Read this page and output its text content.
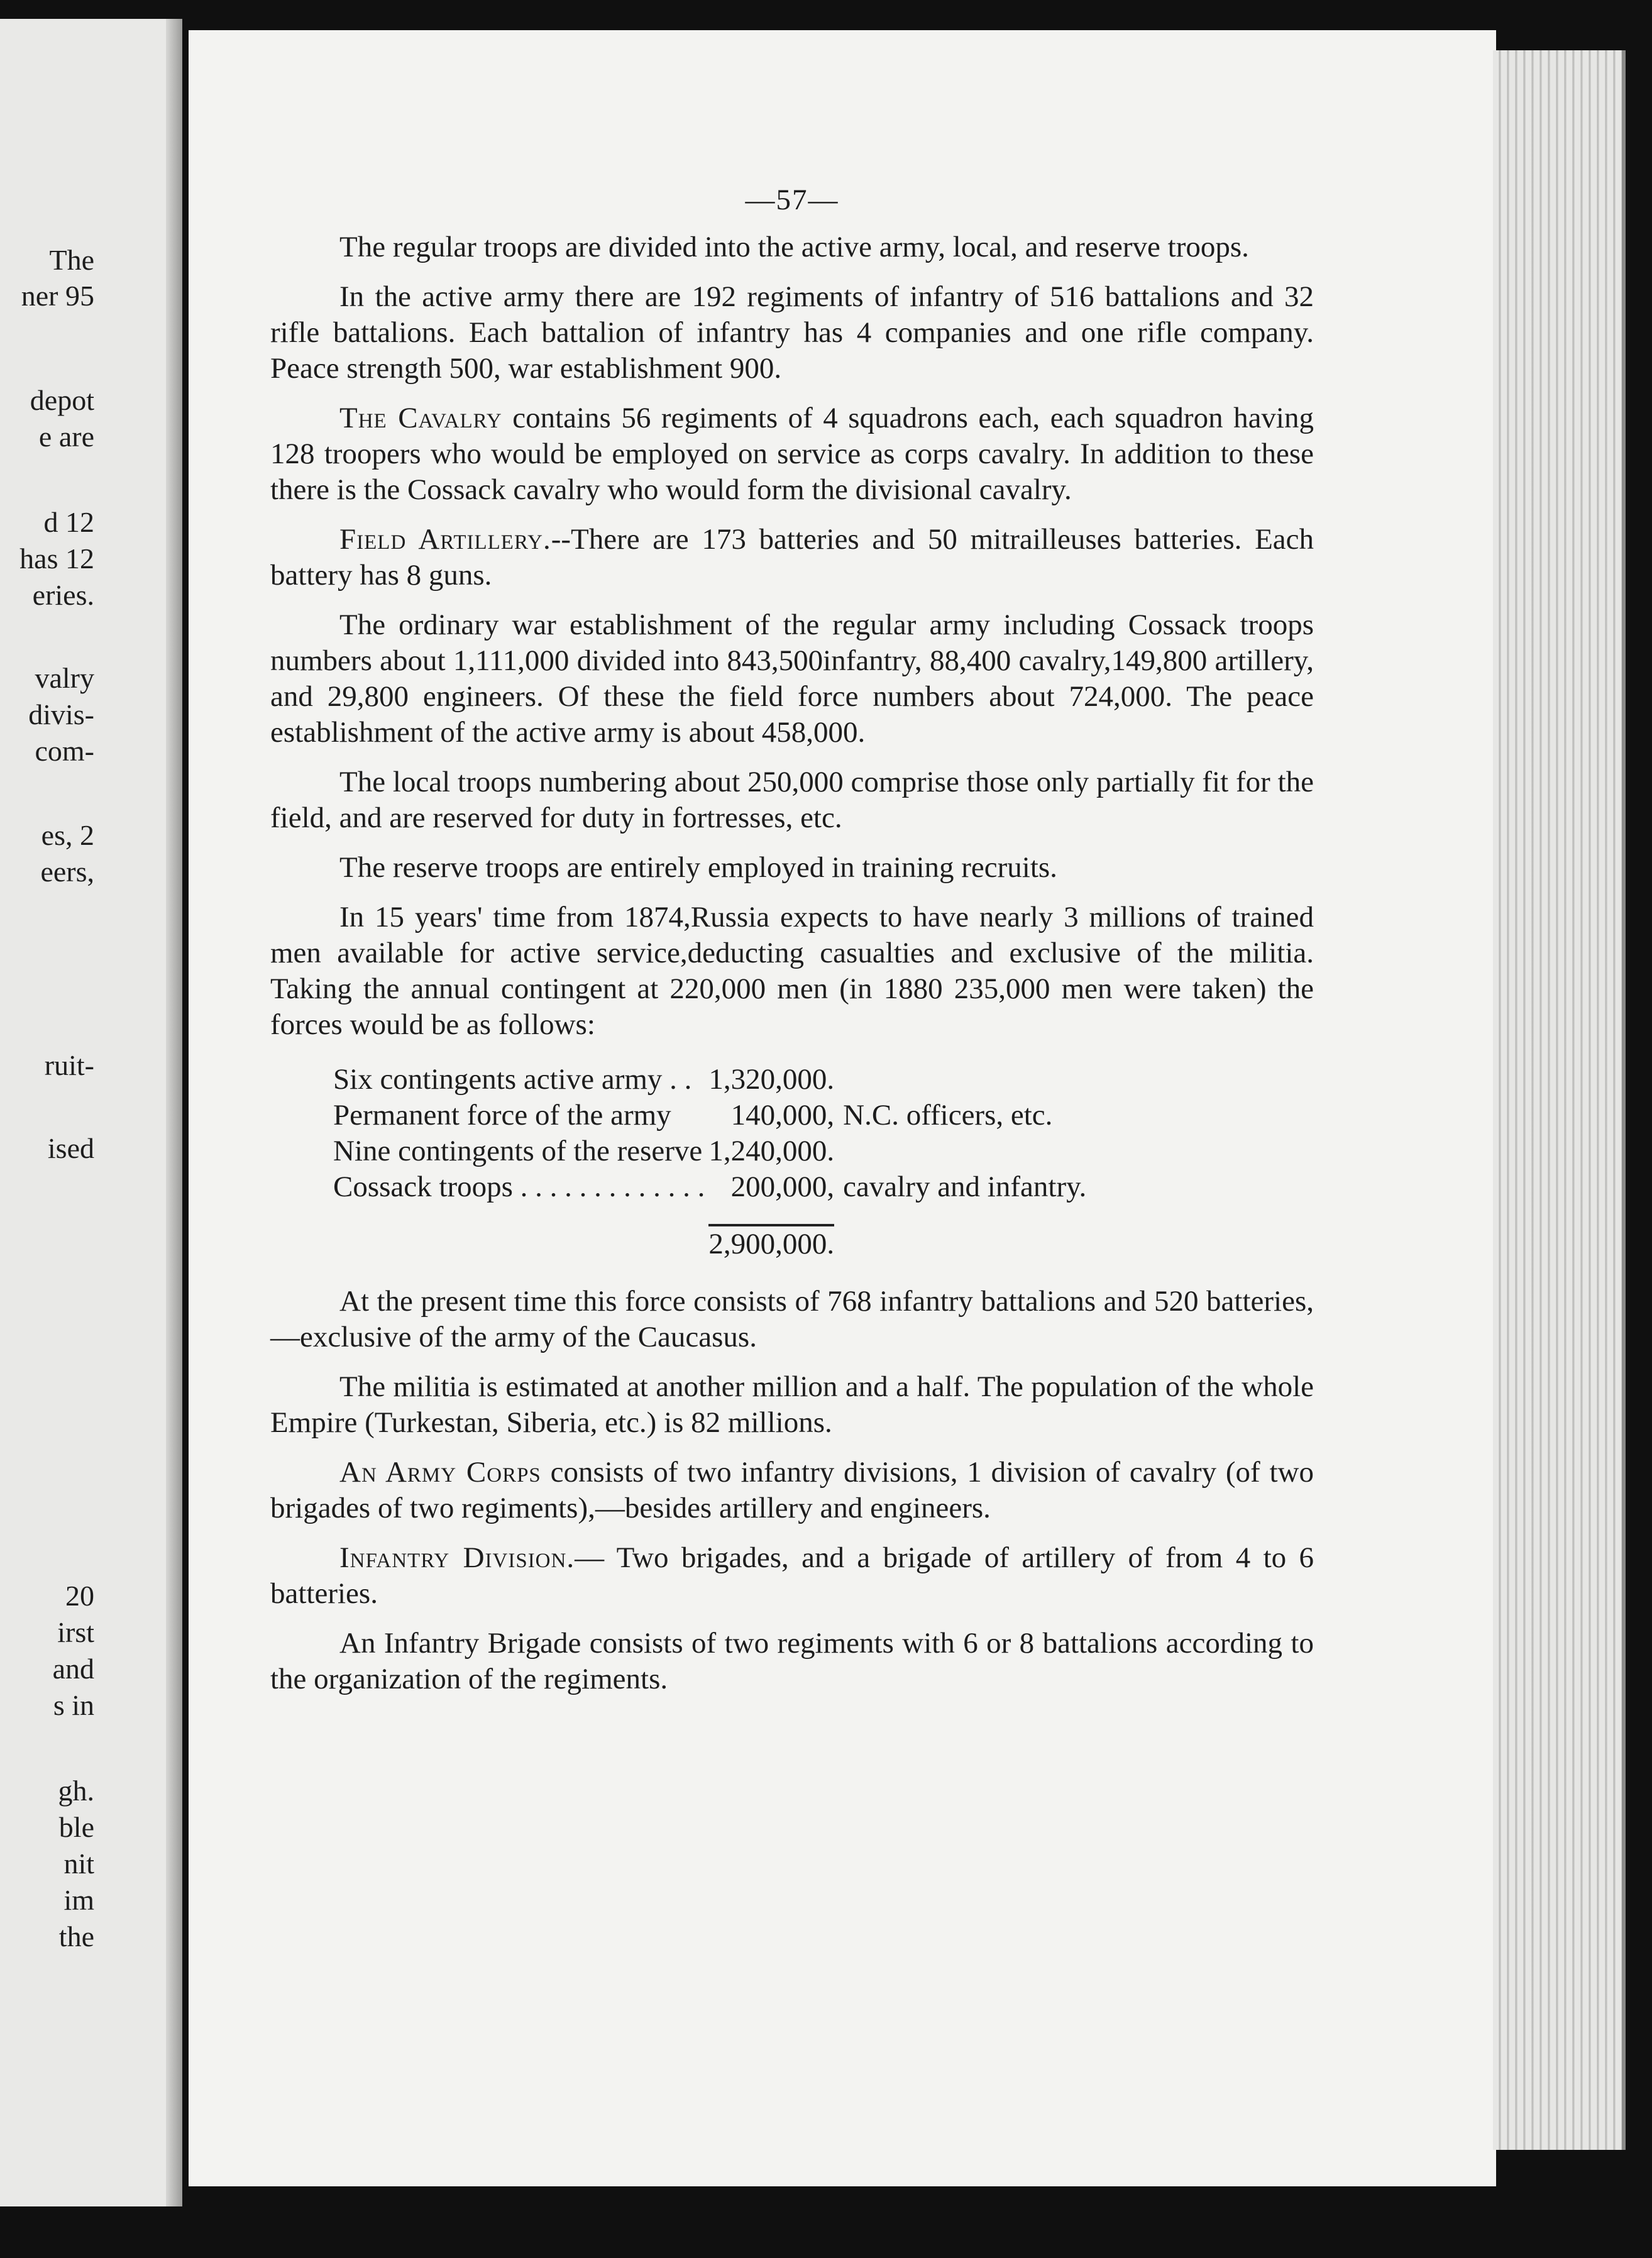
The
ner 95
depot
e are
d 12
has 12
eries.
valry
divis-
com-
es, 2
eers,
ruit-
ised
20
irst
and
s in
gh.
ble
nit
im
the
—57—

The regular troops are divided into the active army, local, and reserve troops.

In the active army there are 192 regiments of infantry of 516 battalions and 32 rifle battalions. Each battalion of infantry has 4 companies and one rifle company. Peace strength 500, war establishment 900.

The Cavalry contains 56 regiments of 4 squadrons each, each squadron having 128 troopers who would be employed on service as corps cavalry. In addition to these there is the Cossack cavalry who would form the divisional cavalry.

Field Artillery.--There are 173 batteries and 50 mitrailleuses batteries. Each battery has 8 guns.

The ordinary war establishment of the regular army including Cossack troops numbers about 1,111,000 divided into 843,500infantry, 88,400 cavalry,149,800 artillery, and 29,800 engineers. Of these the field force numbers about 724,000. The peace establishment of the active army is about 458,000.

The local troops numbering about 250,000 comprise those only partially fit for the field, and are reserved for duty in fortresses, etc.

The reserve troops are entirely employed in training recruits.

In 15 years' time from 1874,Russia expects to have nearly 3 millions of trained men available for active service,deducting casualties and exclusive of the militia. Taking the annual contingent at 220,000 men (in 1880 235,000 men were taken) the forces would be as follows:

Six contingents active army . .	1,320,000.	
Permanent force of the army	140,000,	N.C. officers, etc.
Nine contingents of the reserve	1,240,000.	
Cossack troops . . . . . . . . . . . . .	200,000,	cavalry and infantry.

2,900,000.	

At the present time this force consists of 768 infantry battalions and 520 batteries,—exclusive of the army of the Caucasus.

The militia is estimated at another million and a half. The population of the whole Empire (Turkestan, Siberia, etc.) is 82 millions.

An Army Corps consists of two infantry divisions, 1 division of cavalry (of two brigades of two regiments),—besides artillery and engineers.

Infantry Division.— Two brigades, and a brigade of artillery of from 4 to 6 batteries.

An Infantry Brigade consists of two regiments with 6 or 8 battalions according to the organization of the regiments.
